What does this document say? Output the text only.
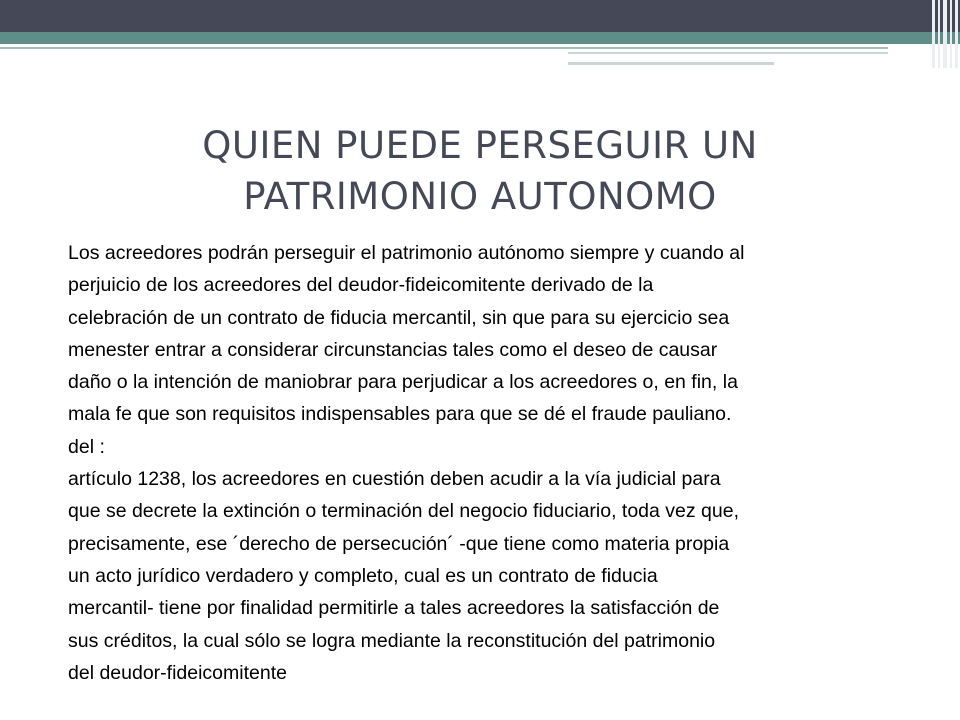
QUIEN PUEDE PERSEGUIR UN
PATRIMONIO AUTONOMO
Los acreedores podrán perseguir el patrimonio autónomo siempre y cuando al
perjuicio de los acreedores del deudor-fideicomitente derivado de la
celebración de un contrato de fiducia mercantil, sin que para su ejercicio sea
menester entrar a considerar circunstancias tales como el deseo de causar
daño o la intención de maniobrar para perjudicar a los acreedores o, en fin, la
mala fe que son requisitos indispensables para que se dé el fraude pauliano.
del :
artículo 1238, los acreedores en cuestión deben acudir a la vía judicial para
que se decrete la extinción o terminación del negocio fiduciario, toda vez que,
precisamente, ese ´derecho de persecución´ -que tiene como materia propia
un acto jurídico verdadero y completo, cual es un contrato de fiducia
mercantil- tiene por finalidad permitirle a tales acreedores la satisfacción de
sus créditos, la cual sólo se logra mediante la reconstitución del patrimonio
del deudor-fideicomitente
